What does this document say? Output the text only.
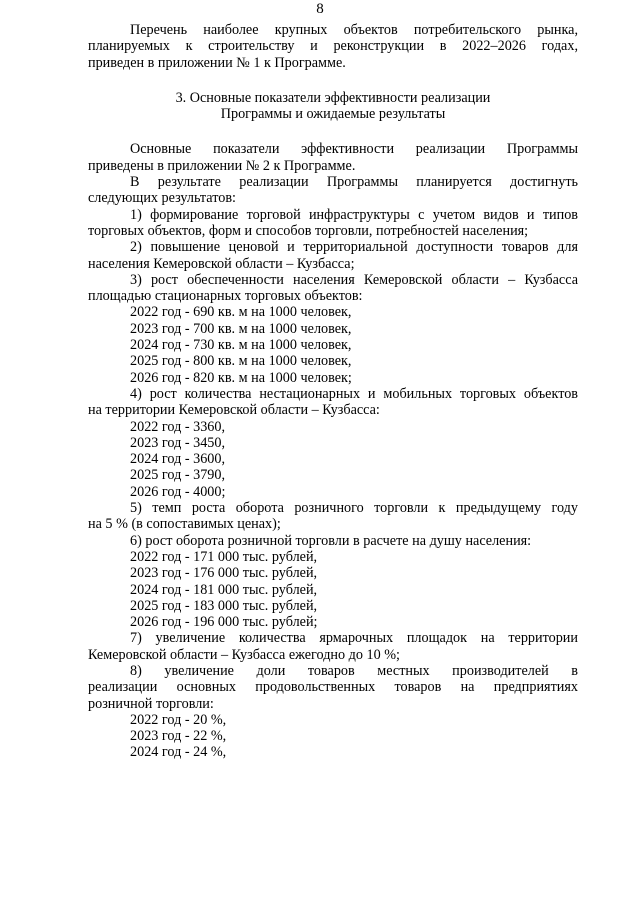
8
Перечень наиболее крупных объектов потребительского рынка,
планируемых к строительству и реконструкции в 2022–2026 годах,
приведен в приложении № 1 к Программе.
3. Основные показатели эффективности реализации
Программы и ожидаемые результаты
Основные показатели эффективности реализации Программы
приведены в приложении № 2 к Программе.
В результате реализации Программы планируется достигнуть
следующих результатов:
1) формирование торговой инфраструктуры с учетом видов и типов
торговых объектов, форм и способов торговли, потребностей населения;
2) повышение ценовой и территориальной доступности товаров для
населения Кемеровской области – Кузбасса;
3) рост обеспеченности населения Кемеровской области – Кузбасса
площадью стационарных торговых объектов:
2022 год - 690 кв. м на 1000 человек,
2023 год - 700 кв. м на 1000 человек,
2024 год - 730 кв. м на 1000 человек,
2025 год - 800 кв. м на 1000 человек,
2026 год - 820 кв. м на 1000 человек;
4) рост количества нестационарных и мобильных торговых объектов
на территории Кемеровской области – Кузбасса:
2022 год - 3360,
2023 год - 3450,
2024 год - 3600,
2025 год - 3790,
2026 год - 4000;
5) темп роста оборота розничного торговли к предыдущему году
на 5 % (в сопоставимых ценах);
6) рост оборота розничной торговли в расчете на душу населения:
2022 год - 171 000 тыс. рублей,
2023 год - 176 000 тыс. рублей,
2024 год - 181 000 тыс. рублей,
2025 год - 183 000 тыс. рублей,
2026 год - 196 000 тыс. рублей;
7) увеличение количества ярмарочных площадок на территории
Кемеровской области – Кузбасса ежегодно до 10 %;
8) увеличение доли товаров местных производителей в
реализации основных продовольственных товаров на предприятиях
розничной торговли:
2022 год - 20 %,
2023 год - 22 %,
2024 год - 24 %,
